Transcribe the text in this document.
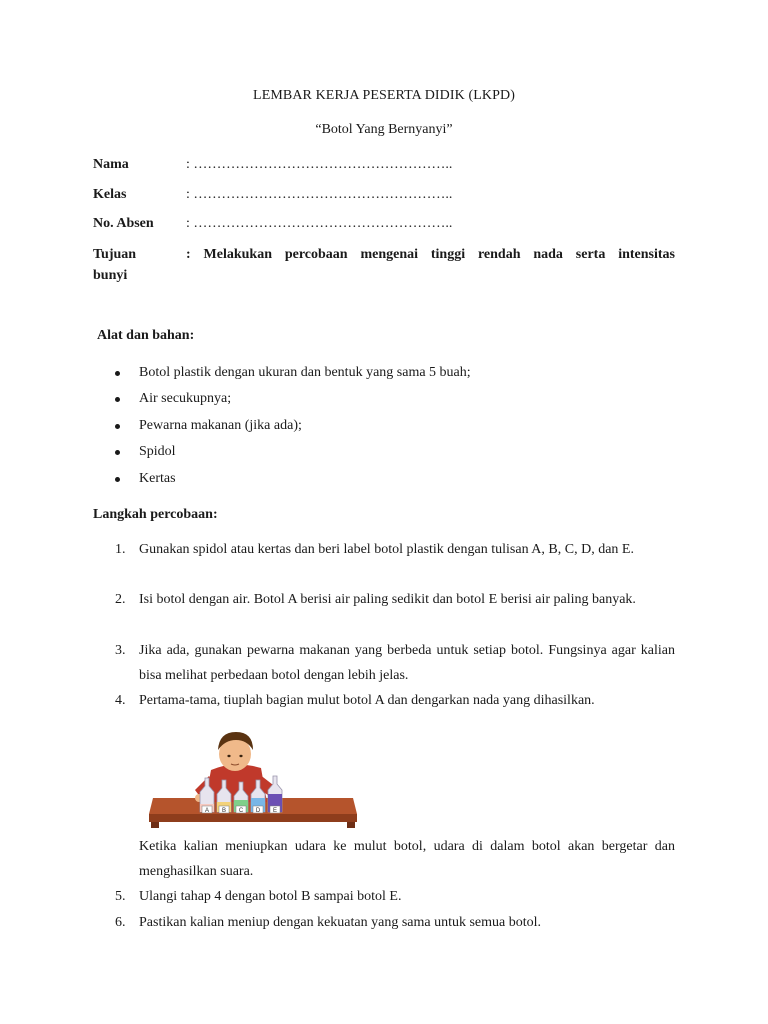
LEMBAR KERJA PESERTA DIDIK (LKPD)
“Botol Yang Bernyanyi”
Nama	: ………………………………………………..
Kelas	: ………………………………………………..
No. Absen : ………………………………………………..
Tujuan	: Melakukan percobaan mengenai tinggi rendah nada serta intensitas
bunyi
Alat dan bahan:
Botol plastik dengan ukuran dan bentuk yang sama 5 buah;
Air secukupnya;
Pewarna makanan (jika ada);
Spidol
Kertas
Langkah percobaan:
1. Gunakan spidol atau kertas dan beri label botol plastik dengan tulisan A, B, C, D, dan E.
2. Isi botol dengan air. Botol A berisi air paling sedikit dan botol E berisi air paling banyak.
3. Jika ada, gunakan pewarna makanan yang berbeda untuk setiap botol. Fungsinya agar kalian bisa melihat perbedaan botol dengan lebih jelas.
4. Pertama-tama, tiuplah bagian mulut botol A dan dengarkan nada yang dihasilkan.
A B C D E
Ketika kalian meniupkan udara ke mulut botol, udara di dalam botol akan bergetar dan menghasilkan suara.
5. Ulangi tahap 4 dengan botol B sampai botol E.
6. Pastikan kalian meniup dengan kekuatan yang sama untuk semua botol.
